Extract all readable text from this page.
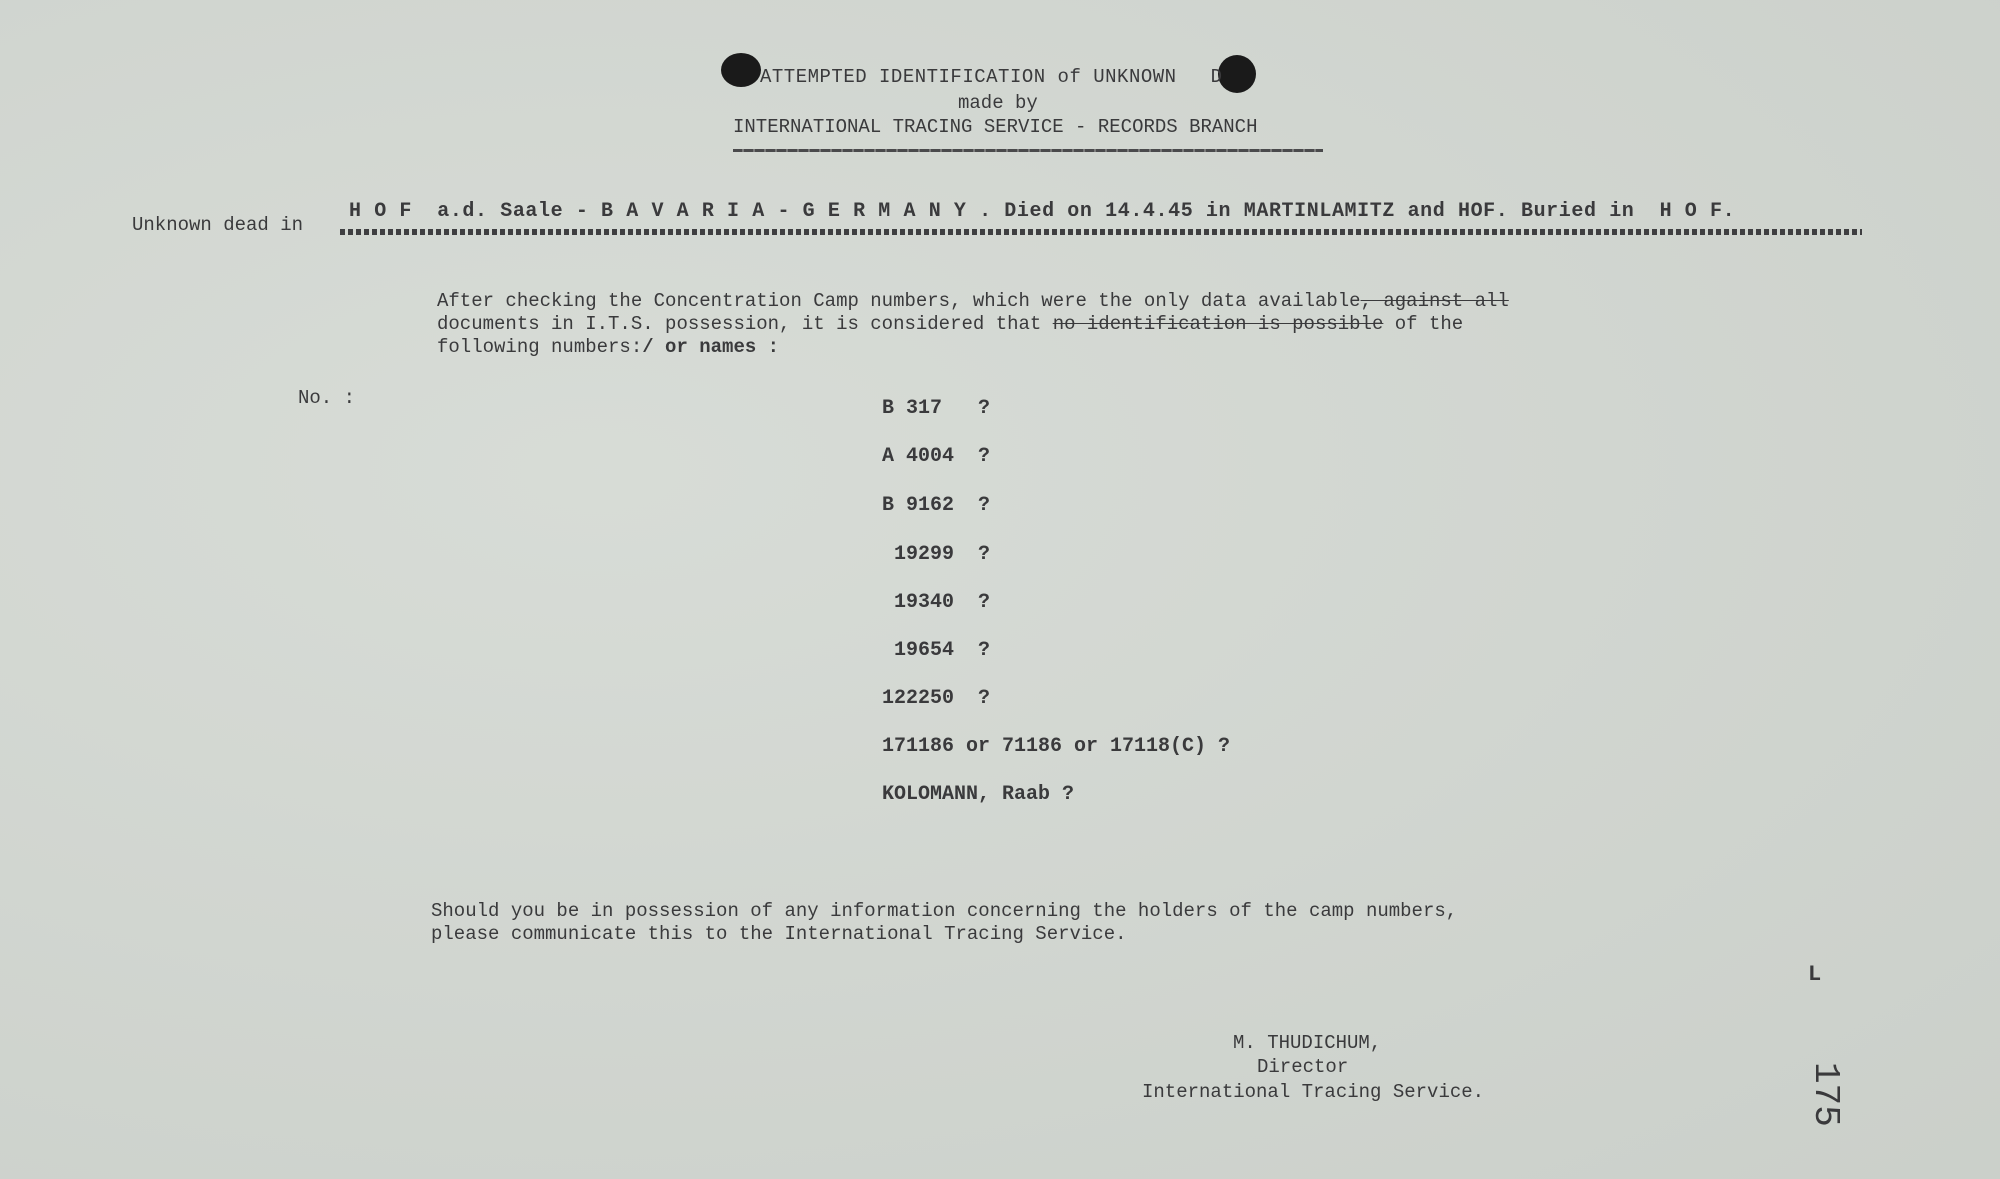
ATTEMPTED IDENTIFICATION of UNKNOWN D
made by
INTERNATIONAL TRACING SERVICE - RECORDS BRANCH
Unknown dead in
H O F  a.d. Saale - B A V A R I A - G E R M A N Y . Died on 14.4.45 in MARTINLAMITZ and HOF. Buried in  H O F.
After checking the Concentration Camp numbers, which were the only data available, against all
documents in I.T.S. possession, it is considered that no identification is possible of the
following numbers:/ or names :
No. :	B 317   ?
A 4004  ?
B 9162  ?
19299  ?
19340  ?
19654  ?
122250  ?
171186 or 71186 or 17118(C) ?
KOLOMANN, Raab ?
Should you be in possession of any information concerning the holders of the camp numbers,
please communicate this to the International Tracing Service.
M. THUDICHUM,
Director
International Tracing Service.
L
175
